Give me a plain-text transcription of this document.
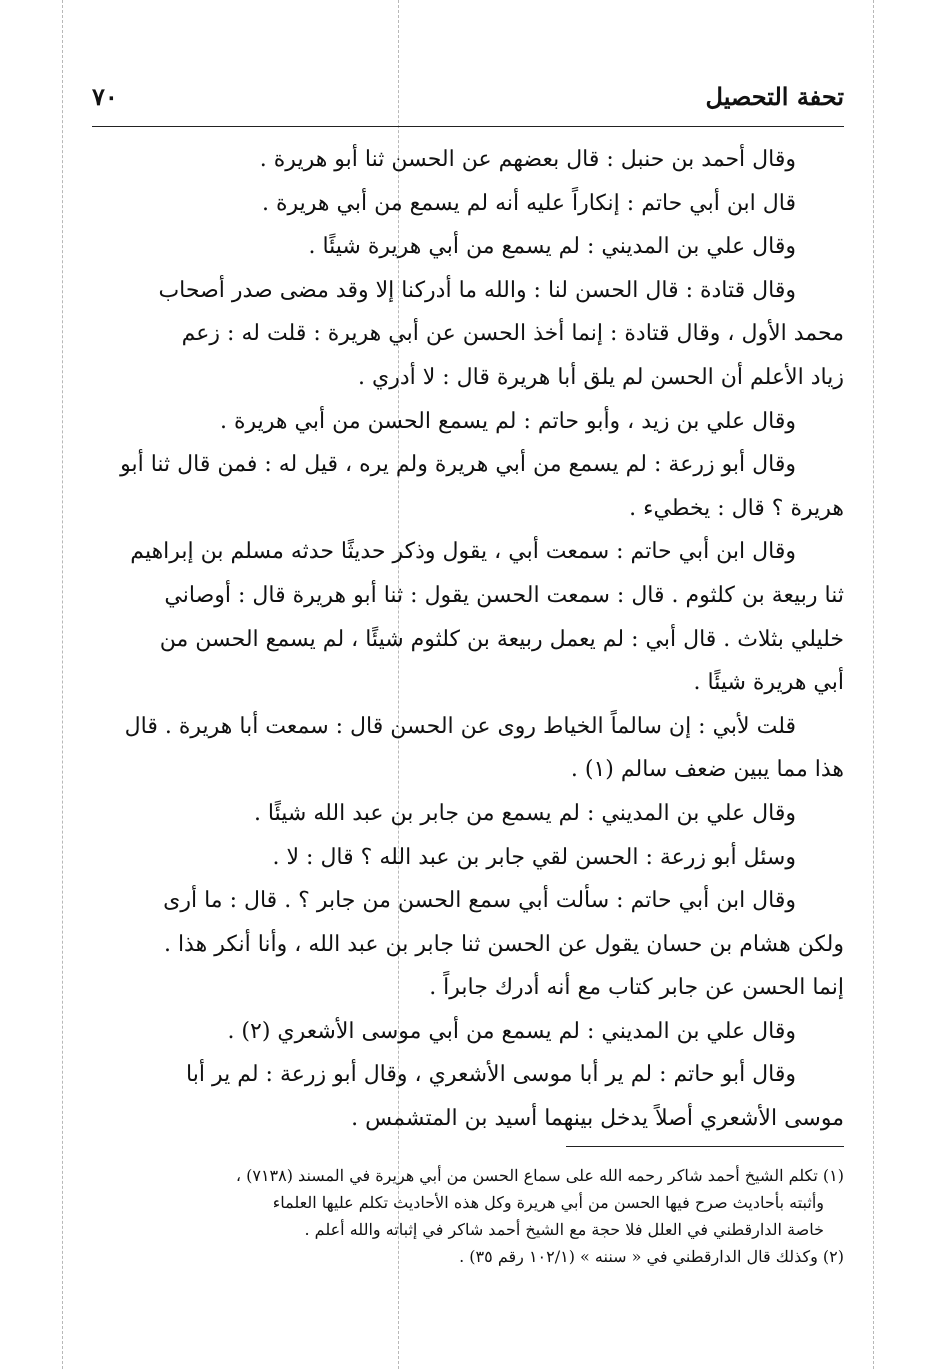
تحفة التحصيل
٧٠
وقال أحمد بن حنبل : قال بعضهم عن الحسن ثنا أبو هريرة .
قال ابن أبي حاتم : إنكاراً عليه أنه لم يسمع من أبي هريرة .
وقال علي بن المديني : لم يسمع من أبي هريرة شيئًا .
وقال قتادة : قال الحسن لنا : والله ما أدركنا إلا وقد مضى صدر أصحاب
محمد الأول ، وقال قتادة : إنما أخذ الحسن عن أبي هريرة : قلت له : زعم
زياد الأعلم أن الحسن لم يلق أبا هريرة قال : لا أدري .
وقال علي بن زيد ، وأبو حاتم : لم يسمع الحسن من أبي هريرة .
وقال أبو زرعة : لم يسمع من أبي هريرة ولم يره ، قيل له : فمن قال ثنا أبو
هريرة ؟ قال : يخطيء .
وقال ابن أبي حاتم : سمعت أبي ، يقول وذكر حديثًا حدثه مسلم بن إبراهيم
ثنا ربيعة بن كلثوم . قال : سمعت الحسن يقول : ثنا أبو هريرة قال : أوصاني
خليلي بثلاث . قال أبي : لم يعمل ربيعة بن كلثوم شيئًا ، لم يسمع الحسن من
أبي هريرة شيئًا .
قلت لأبي : إن سالماً الخياط روى عن الحسن قال : سمعت أبا هريرة . قال
هذا مما يبين ضعف سالم (١) .
وقال علي بن المديني : لم يسمع من جابر بن عبد الله شيئًا .
وسئل أبو زرعة : الحسن لقي جابر بن عبد الله ؟ قال : لا .
وقال ابن أبي حاتم : سألت أبي سمع الحسن من جابر ؟ . قال : ما أرى
ولكن هشام بن حسان يقول عن الحسن ثنا جابر بن عبد الله ، وأنا أنكر هذا .
إنما الحسن عن جابر كتاب مع أنه أدرك جابراً .
وقال علي بن المديني : لم يسمع من أبي موسى الأشعري (٢) .
وقال أبو حاتم : لم ير أبا موسى الأشعري ، وقال أبو زرعة : لم ير أبا
موسى الأشعري أصلاً يدخل بينهما أسيد بن المتشمس .
(١) تكلم الشيخ أحمد شاكر رحمه الله على سماع الحسن من أبي هريرة في المسند (٧١٣٨) ،
وأثبته بأحاديث صرح فيها الحسن من أبي هريرة وكل هذه الأحاديث تكلم عليها العلماء
خاصة الدارقطني في العلل فلا حجة مع الشيخ أحمد شاكر في إثباته والله أعلم .
(٢) وكذلك قال الدارقطني في « سننه » (١٠٢/١ رقم ٣٥) .
